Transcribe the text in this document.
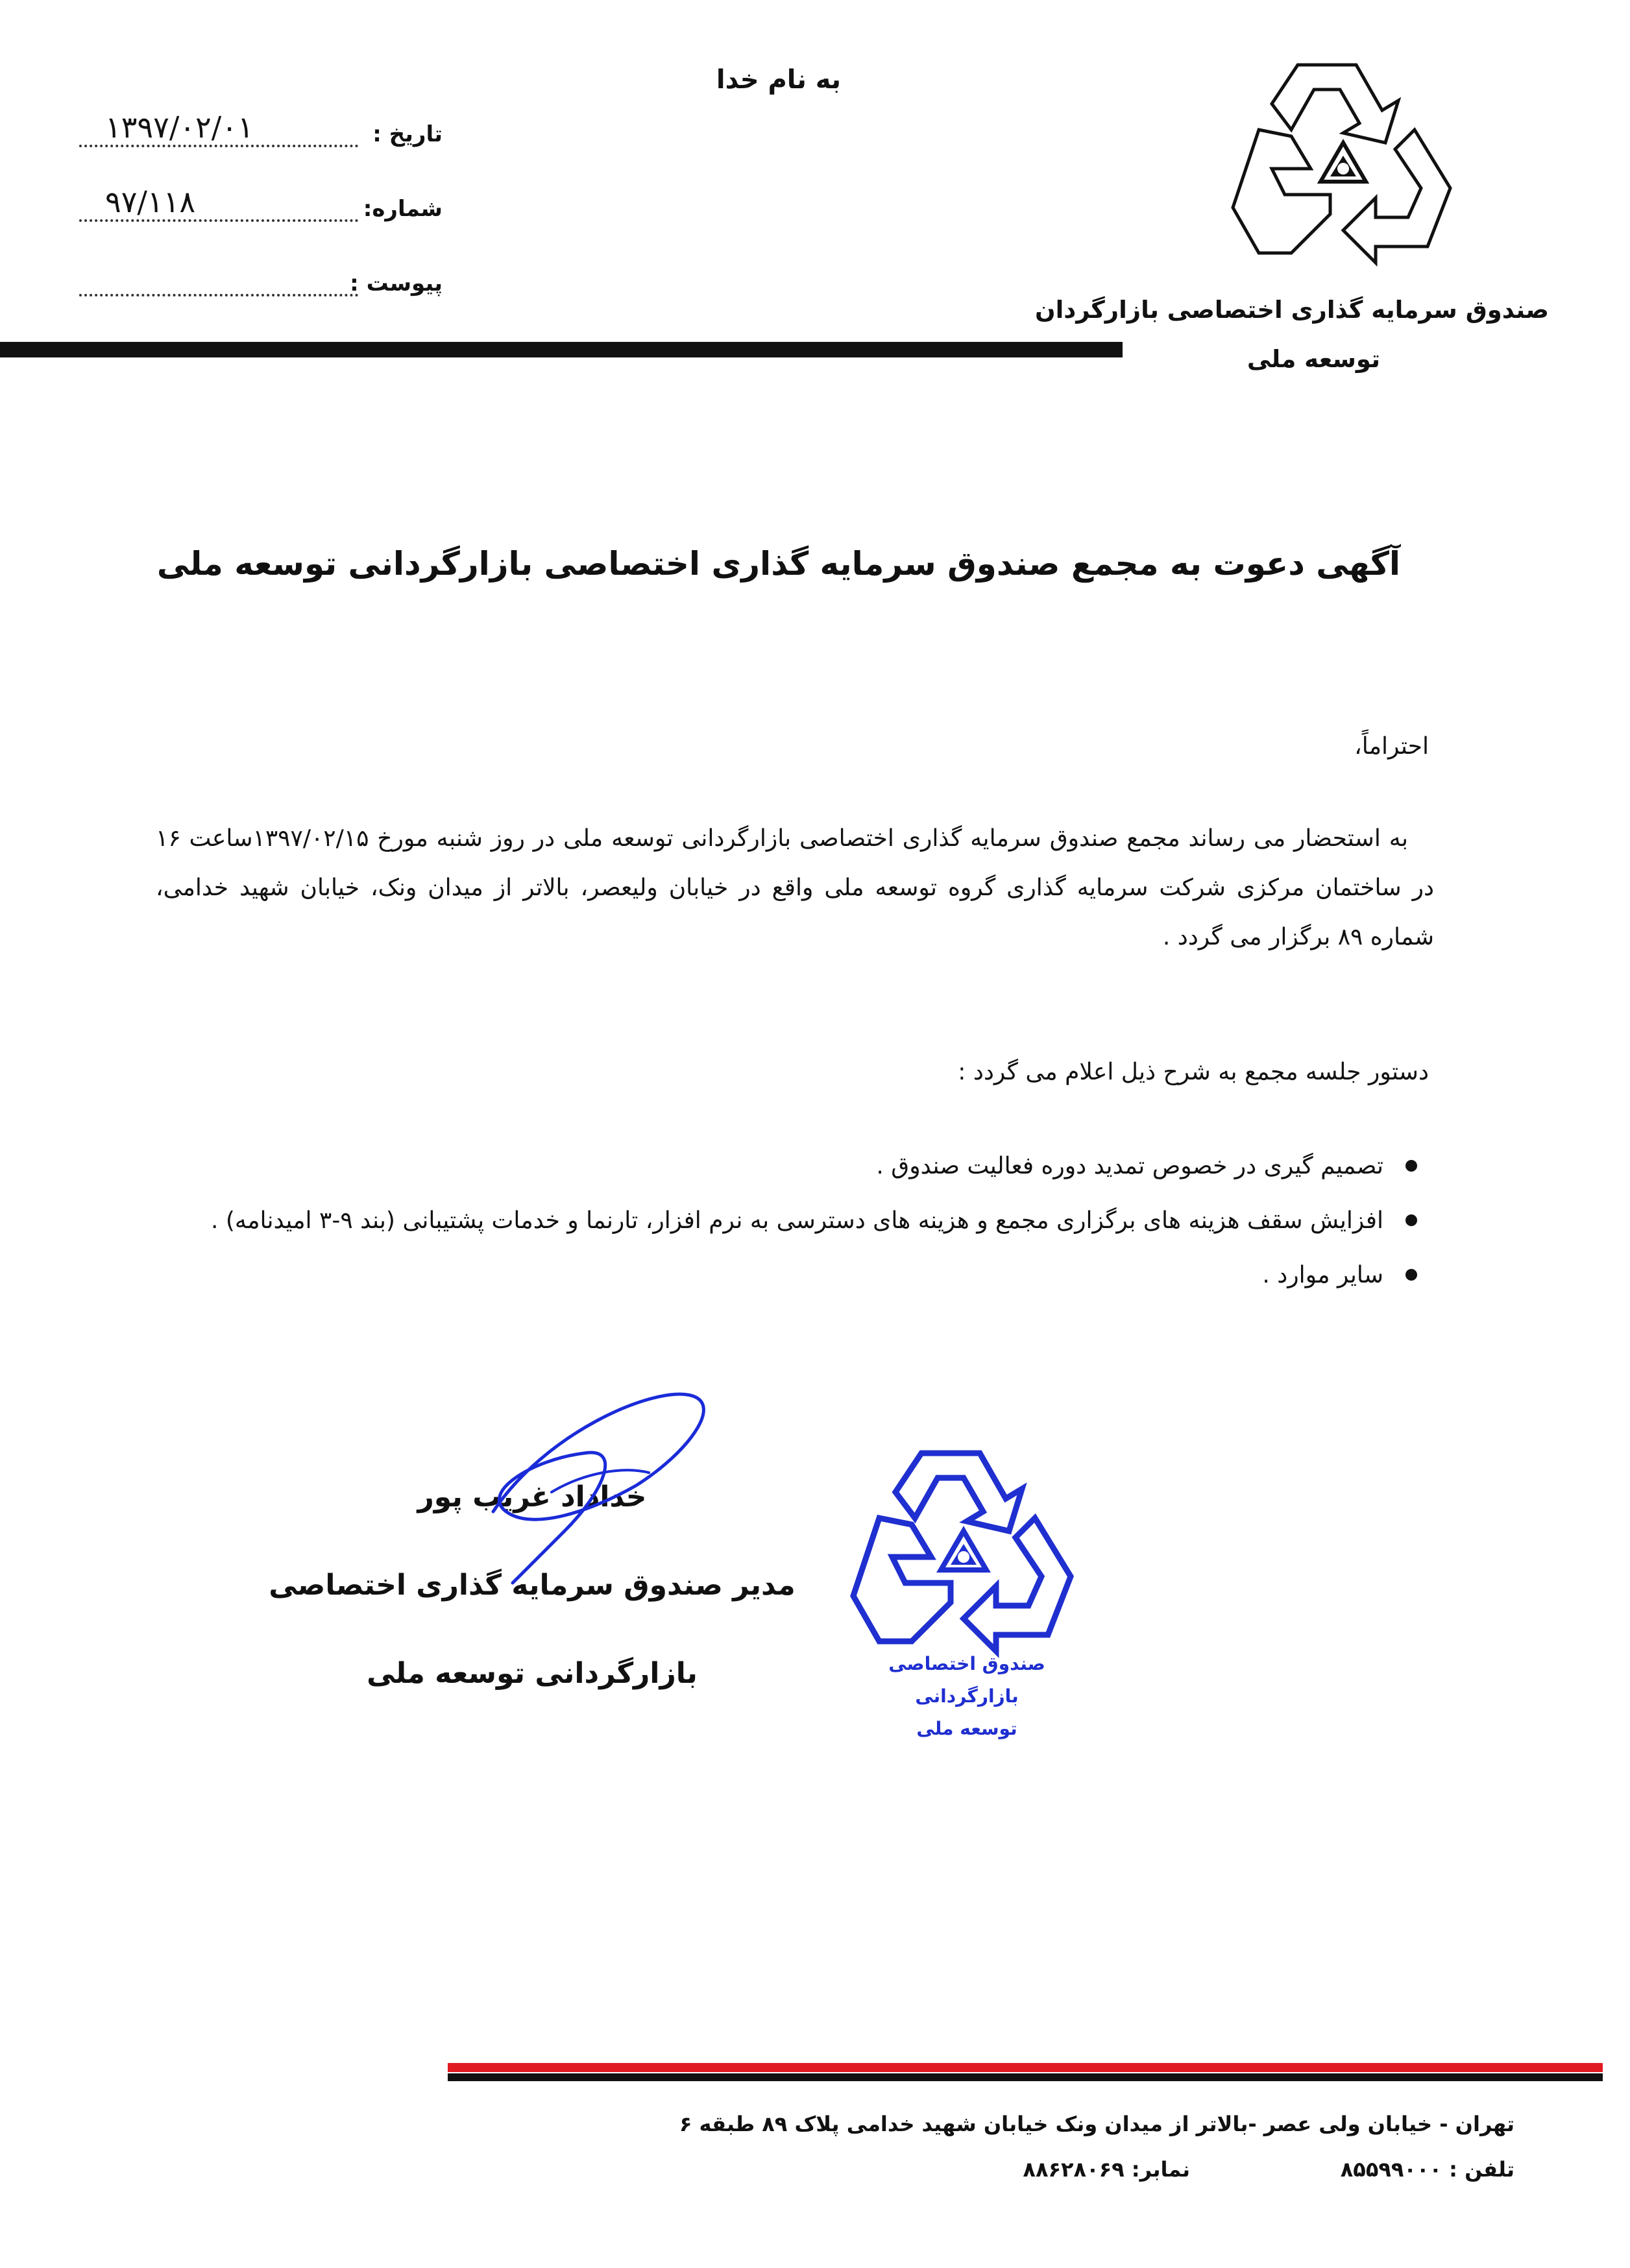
به نام خدا
تاریخ :
۱۳۹۷/۰۲/۰۱
شماره:
۹۷/۱۱۸
پیوست :
صندوق سرمایه گذاری اختصاصی بازارگردان
توسعه ملی
آگهی دعوت به مجمع صندوق سرمایه گذاری اختصاصی بازارگردانی توسعه ملی
احتراماً،
به استحضار می رساند مجمع صندوق سرمایه گذاری اختصاصی بازارگردانی توسعه ملی در روز شنبه مورخ ۱۳۹۷/۰۲/۱۵ساعت ۱۶ در ساختمان مرکزی شرکت سرمایه گذاری گروه توسعه ملی واقع در خیابان ولیعصر، بالاتر از میدان ونک، خیابان شهید خدامی، شماره ۸۹ برگزار می گردد .
دستور جلسه مجمع به شرح ذیل اعلام می گردد :
تصمیم گیری در خصوص تمدید دوره فعالیت صندوق .
افزایش سقف هزینه های برگزاری مجمع و هزینه های دسترسی به نرم افزار، تارنما و خدمات پشتیبانی (بند ۹-۳ امیدنامه) .
سایر موارد .
خداداد غریب پور
مدیر صندوق سرمایه گذاری اختصاصی
بازارگردانی توسعه ملی	صندوق اختصاصی بازارگردانی
توسعه ملی
تهران - خیابان ولی عصر -بالاتر از میدان ونک خیابان شهید خدامی پلاک ۸۹ طبقه ۶
تلفن : ۸۵۵۹۹۰۰۰
نمابر: ۸۸۶۲۸۰۶۹
